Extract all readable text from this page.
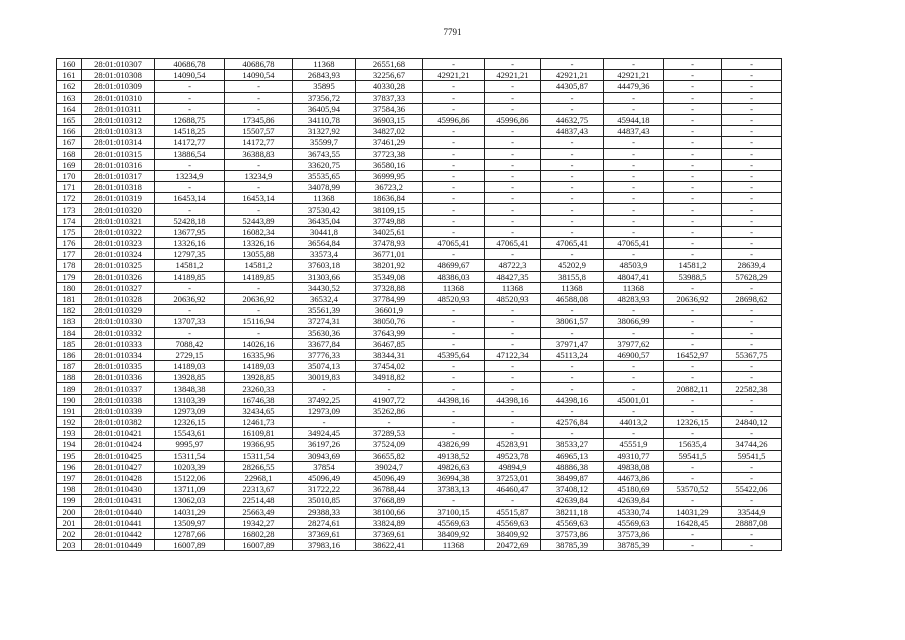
7791
160	28:01:010307	40686,78	40686,78	11368	26551,68	-	-	-	-	-	-
161	28:01:010308	14090,54	14090,54	26843,93	32256,67	42921,21	42921,21	42921,21	42921,21	-	-
162	28:01:010309	-	-	35895	40330,28	-	-	44305,87	44479,36	-	-
163	28:01:010310	-	-	37356,72	37837,33	-	-	-	-	-	-
164	28:01:010311	-	-	36405,94	37584,36	-	-	-	-	-	-
165	28:01:010312	12688,75	17345,86	34110,78	36903,15	45996,86	45996,86	44632,75	45944,18	-	-
166	28:01:010313	14518,25	15507,57	31327,92	34827,02	-	-	44837,43	44837,43	-	-
167	28:01:010314	14172,77	14172,77	35599,7	37461,29	-	-	-	-	-	-
168	28:01:010315	13886,54	36388,83	36743,55	37723,38	-	-	-	-	-	-
169	28:01:010316	-	-	33620,75	36580,16	-	-	-	-	-	-
170	28:01:010317	13234,9	13234,9	35535,65	36999,95	-	-	-	-	-	-
171	28:01:010318	-	-	34078,99	36723,2	-	-	-	-	-	-
172	28:01:010319	16453,14	16453,14	11368	18636,84	-	-	-	-	-	-
173	28:01:010320	-	-	37530,42	38109,15	-	-	-	-	-	-
174	28:01:010321	52428,18	52443,89	36435,04	37749,88	-	-	-	-	-	-
175	28:01:010322	13677,95	16082,34	30441,8	34025,61	-	-	-	-	-	-
176	28:01:010323	13326,16	13326,16	36564,84	37478,93	47065,41	47065,41	47065,41	47065,41	-	-
177	28:01:010324	12797,35	13055,88	33573,4	36771,01	-	-	-	-	-	-
178	28:01:010325	14581,2	14581,2	37603,18	38201,92	48699,67	48722,3	45202,9	48503,9	14581,2	28639,4
179	28:01:010326	14189,85	14189,85	31303,66	35349,08	48386,03	48427,35	38155,8	48047,41	53988,5	57628,29
180	28:01:010327	-	-	34430,52	37328,88	11368	11368	11368	11368	-	-
181	28:01:010328	20636,92	20636,92	36532,4	37784,99	48520,93	48520,93	46588,08	48283,93	20636,92	28698,62
182	28:01:010329	-	-	35561,39	36601,9	-	-	-	-	-	-
183	28:01:010330	13707,33	15116,94	37274,31	38050,76	-	-	38061,57	38066,99	-	-
184	28:01:010332	-	-	35630,36	37643,99	-	-	-	-	-	-
185	28:01:010333	7088,42	14026,16	33677,84	36467,85	-	-	37971,47	37977,62	-	-
186	28:01:010334	2729,15	16335,96	37776,33	38344,31	45395,64	47122,34	45113,24	46900,57	16452,97	55367,75
187	28:01:010335	14189,03	14189,03	35074,13	37454,02	-	-	-	-	-	-
188	28:01:010336	13928,85	13928,85	30019,83	34918,82	-	-	-	-	-	-
189	28:01:010337	13848,38	23260,33	-	-	-	-	-	-	20882,11	22582,38
190	28:01:010338	13103,39	16746,38	37492,25	41907,72	44398,16	44398,16	44398,16	45001,01	-	-
191	28:01:010339	12973,09	32434,65	12973,09	35262,86	-	-	-	-	-	-
192	28:01:010382	12326,15	12461,73	-	-	-	-	42576,84	44013,2	12326,15	24840,12
193	28:01:010421	15543,61	16109,81	34924,45	37289,53	-	-	-	-	-	-
194	28:01:010424	9995,97	19366,95	36197,26	37524,09	43826,99	45283,91	38533,27	45551,9	15635,4	34744,26
195	28:01:010425	15311,54	15311,54	30943,69	36655,82	49138,52	49523,78	46965,13	49310,77	59541,5	59541,5
196	28:01:010427	10203,39	28266,55	37854	39024,7	49826,63	49894,9	48886,38	49838,08	-	-
197	28:01:010428	15122,06	22968,1	45096,49	45096,49	36994,38	37253,01	38499,87	44673,86	-	-
198	28:01:010430	13711,09	22313,67	31722,22	36788,44	37383,13	46460,47	37408,12	45180,69	53570,52	55422,06
199	28:01:010431	13062,03	22514,48	35010,85	37668,89	-	-	42639,84	42639,84	-	-
200	28:01:010440	14031,29	25663,49	29388,33	38100,66	37100,15	45515,87	38211,18	45330,74	14031,29	33544,9
201	28:01:010441	13509,97	19342,27	28274,61	33824,89	45569,63	45569,63	45569,63	45569,63	16428,45	28887,08
202	28:01:010442	12787,66	16802,28	37369,61	37369,61	38409,92	38409,92	37573,86	37573,86	-	-
203	28:01:010449	16007,89	16007,89	37983,16	38622,41	11368	20472,69	38785,39	38785,39	-	-
